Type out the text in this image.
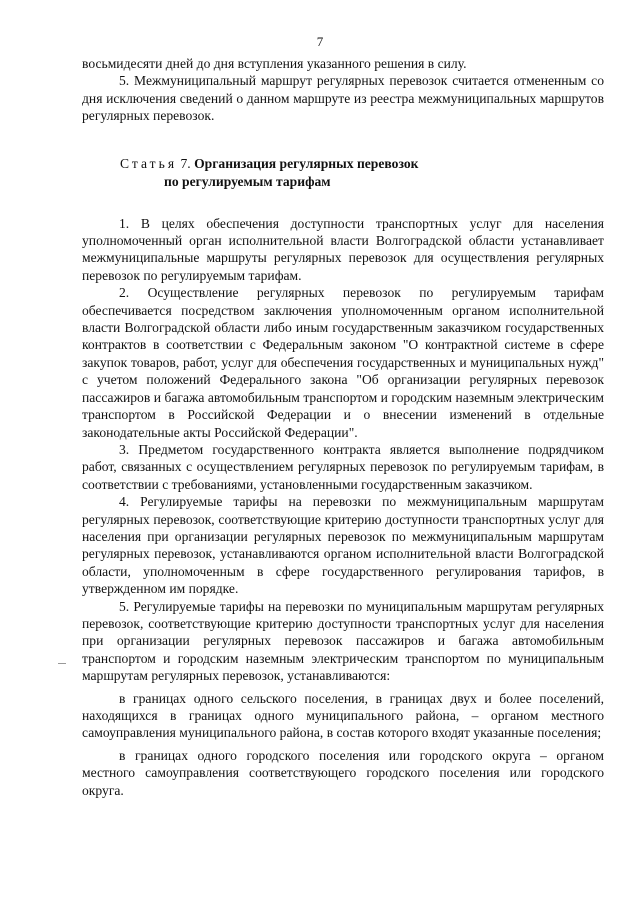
7

восьмидесяти дней до дня вступления указанного решения в силу.

5. Межмуниципальный маршрут регулярных перевозок считается отмененным со дня исключения сведений о данном маршруте из реестра межмуниципальных маршрутов регулярных перевозок.

Статья 7. Организация регулярных перевозок
по регулируемым тарифам

1. В целях обеспечения доступности транспортных услуг для населения уполномоченный орган исполнительной власти Волгоградской области устанавливает межмуниципальные маршруты регулярных перевозок для осуществления регулярных перевозок по регулируемым тарифам.

2. Осуществление регулярных перевозок по регулируемым тарифам обеспечивается посредством заключения уполномоченным органом исполнительной власти Волгоградской области либо иным государственным заказчиком государственных контрактов в соответствии с Федеральным законом "О контрактной системе в сфере закупок товаров, работ, услуг для обеспечения государственных и муниципальных нужд" с учетом положений Федерального закона "Об организации регулярных перевозок пассажиров и багажа автомобильным транспортом и городским наземным электрическим транспортом в Российской Федерации и о внесении изменений в отдельные законодательные акты Российской Федерации".

3. Предметом государственного контракта является выполнение подрядчиком работ, связанных с осуществлением регулярных перевозок по регулируемым тарифам, в соответствии с требованиями, установленными государственным заказчиком.

4. Регулируемые тарифы на перевозки по межмуниципальным маршрутам регулярных перевозок, соответствующие критерию доступности транспортных услуг для населения при организации регулярных перевозок по межмуниципальным маршрутам регулярных перевозок, устанавливаются органом исполнительной власти Волгоградской области, уполномоченным в сфере государственного регулирования тарифов, в утвержденном им порядке.

5. Регулируемые тарифы на перевозки по муниципальным маршрутам регулярных перевозок, соответствующие критерию доступности транспортных услуг для населения при организации регулярных перевозок пассажиров и багажа автомобильным транспортом и городским наземным электрическим транспортом по муниципальным маршрутам регулярных перевозок, устанавливаются:

в границах одного сельского поселения, в границах двух и более поселений, находящихся в границах одного муниципального района, – органом местного самоуправления муниципального района, в состав которого входят указанные поселения;

в границах одного городского поселения или городского округа – органом местного самоуправления соответствующего городского поселения или городского округа.
